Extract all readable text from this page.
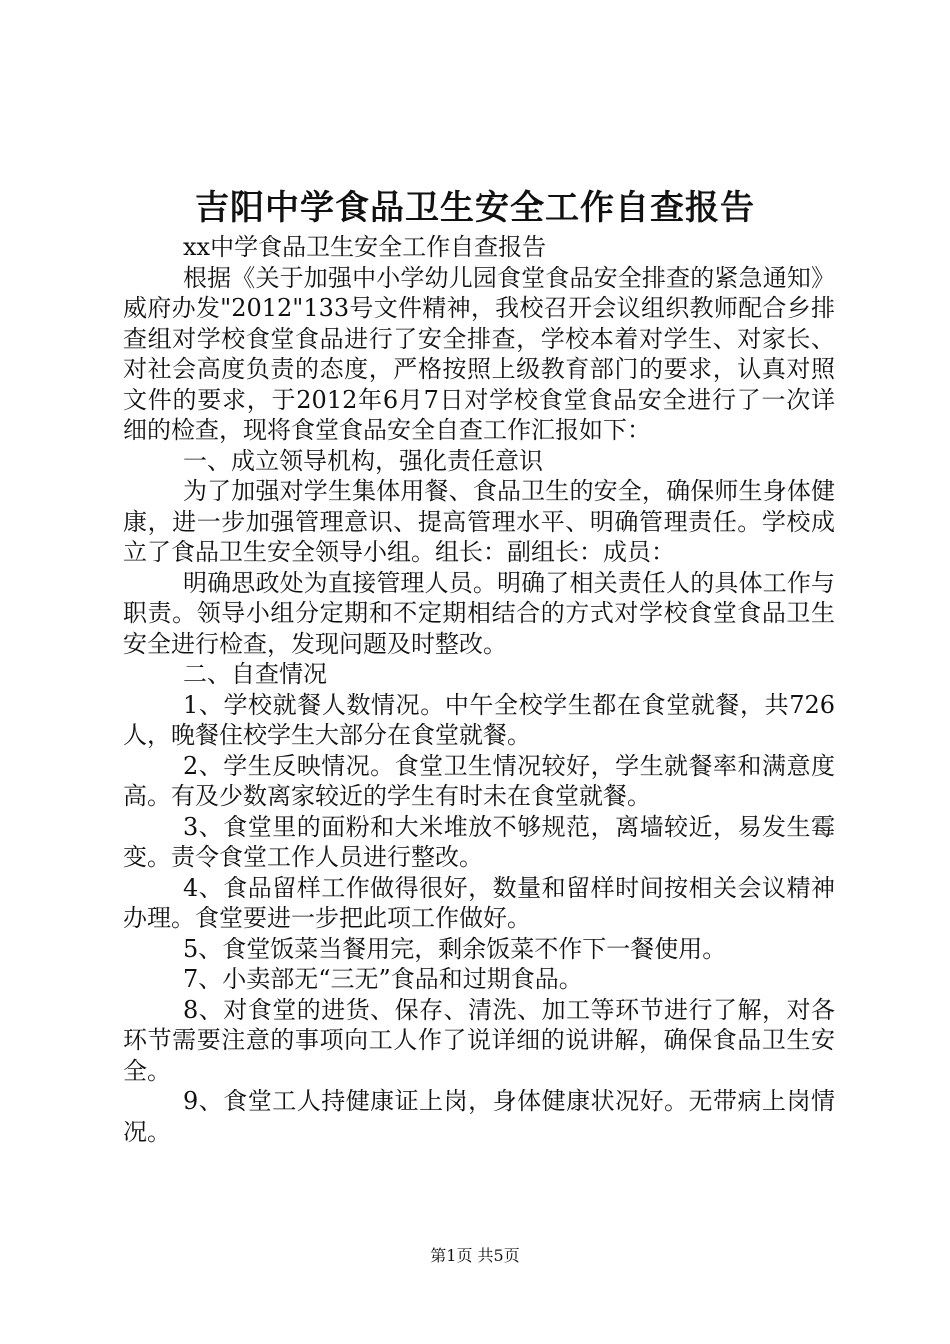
吉阳中学食品卫生安全工作自查报告

xx中学食品卫生安全工作自查报告

根据《关于加强中小学幼儿园食堂食品安全排查的紧急通知》威府办发"2012"133号文件精神，我校召开会议组织教师配合乡排查组对学校食堂食品进行了安全排查，学校本着对学生、对家长、对社会高度负责的态度，严格按照上级教育部门的要求，认真对照文件的要求，于2012年6月7日对学校食堂食品安全进行了一次详细的检查，现将食堂食品安全自查工作汇报如下：

一、成立领导机构，强化责任意识

为了加强对学生集体用餐、食品卫生的安全，确保师生身体健康，进一步加强管理意识、提高管理水平、明确管理责任。学校成立了食品卫生安全领导小组。组长：副组长：成员：

明确思政处为直接管理人员。明确了相关责任人的具体工作与职责。领导小组分定期和不定期相结合的方式对学校食堂食品卫生安全进行检查，发现问题及时整改。

二、自查情况

1、学校就餐人数情况。中午全校学生都在食堂就餐，共726人，晚餐住校学生大部分在食堂就餐。

2、学生反映情况。食堂卫生情况较好，学生就餐率和满意度高。有及少数离家较近的学生有时未在食堂就餐。

3、食堂里的面粉和大米堆放不够规范，离墙较近，易发生霉变。责令食堂工作人员进行整改。

4、食品留样工作做得很好，数量和留样时间按相关会议精神办理。食堂要进一步把此项工作做好。

5、食堂饭菜当餐用完，剩余饭菜不作下一餐使用。

7、小卖部无“三无”食品和过期食品。

8、对食堂的进货、保存、清洗、加工等环节进行了解，对各环节需要注意的事项向工人作了说详细的说讲解，确保食品卫生安全。

9、食堂工人持健康证上岗，身体健康状况好。无带病上岗情况。

第1页 共5页
